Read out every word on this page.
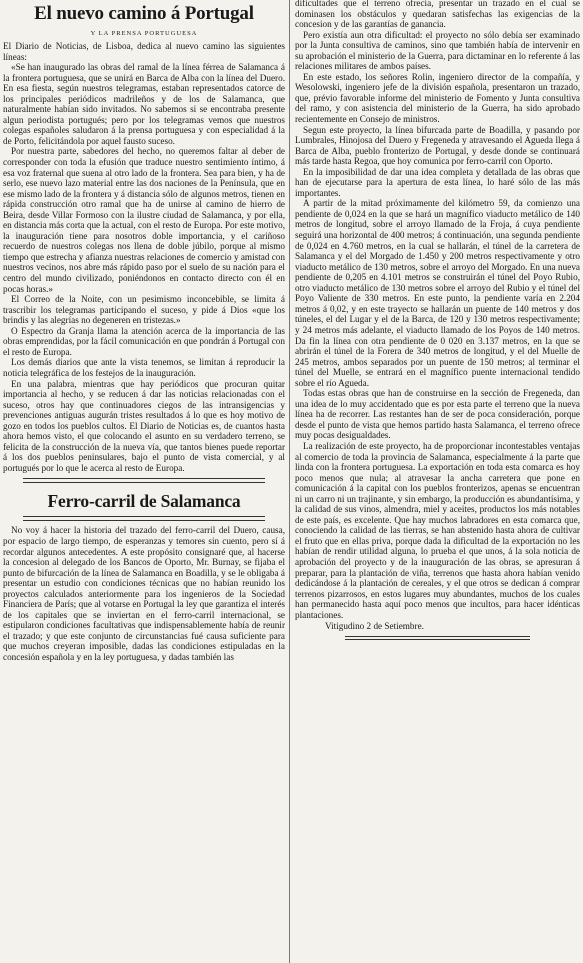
El nuevo camino á Portugal
Y LA PRENSA PORTUGUESA

El Diario de Noticias, de Lisboa, dedica al nuevo camino las siguientes líneas:

«Se han inaugurado las obras del ramal de la línea férrea de Salamanca á la frontera portuguesa, que se unirá en Barca de Alba con la línea del Duero. En esa fiesta, según nuestros telegramas, estaban representados catorce de los principales periódicos madrileños y de los de Salamanca, que naturalmente habían sido invitados. No sabemos si se encontraba presente algun periodista portugués; pero por los telegramas vemos que nuestros colegas españoles saludaron á la prensa portuguesa y con especialidad á la de Porto, felicitándola por aquel fausto suceso.

Por nuestra parte, sabedores del hecho, no queremos faltar al deber de corresponder con toda la efusión que traduce nuestro sentimiento íntimo, á esa voz fraternal que suena al otro lado de la frontera. Sea para bien, y ha de serlo, ese nuevo lazo material entre las dos naciones de la Península, que en ese mismo lado de la frontera y á distancia sólo de algunos metros, tienen en rápida construcción otro ramal que ha de unirse al camino de hierro de Beira, desde Villar Formoso con la ilustre ciudad de Salamanca, y por ella, en distancia más corta que la actual, con el resto de Europa. Por este motivo, la inauguración tiene para nosotros doble importancia, y el cariñoso recuerdo de nuestros colegas nos llena de doble júbilo, porque al mismo tiempo que estrecha y afianza nuestras relaciones de comercio y amistad con nuestros vecinos, nos abre más rápido paso por el suelo de su nación para el centro del mundo civilizado, poniéndonos en contacto directo con él en pocas horas.»

El Correo de la Noite, con un pesimismo inconcebible, se limita á trascribir los telegramas participando el suceso, y pide á Dios «que los brindis y las alegrías no degeneren en tristezas.»

O Espectro da Granja llama la atención acerca de la importancia de las obras emprendidas, por la fácil comunicación en que pondrán á Portugal con el resto de Europa.

Los demás diarios que ante la vista tenemos, se limitan á reproducir la noticia telegráfica de los festejos de la inauguración.

En una palabra, mientras que hay periódicos que procuran quitar importancia al hecho, y se reducen á dar las noticias relacionadas con el suceso, otros hay que continuadores ciegos de las intransigencias y prevenciones antiguas augurán tristes resultados á lo que es hoy motivo de gozo en todos los pueblos cultos. El Diario de Noticias es, de cuantos hasta ahora hemos visto, el que colocando el asunto en su verdadero terreno, se felicita de la construcción de la nueva vía, que tantos bienes puede reportar á los dos pueblos peninsulares, bajo el punto de vista comercial, y al portugués por lo que le acerca al resto de Europa.

Ferro-carril de Salamanca

No voy á hacer la historia del trazado del ferro-carril del Duero, causa, por espacio de largo tiempo, de esperanzas y temores sin cuento, pero sí á recordar algunos antecedentes. A este propósito consignaré que, al hacerse la concesion al delegado de los Bancos de Oporto, Mr. Burnay, se fijaba el punto de bifurcación de la línea de Salamanca en Boadilla, y se le obligaba á presentar un estudio con condiciones técnicas que no habían reunido los proyectos calculados anteriormente para los ingenieros de la Sociedad Financiera de París; que al votarse en Portugal la ley que garantiza el interés de los capitales que se inviertan en el ferro-carril internacional, se estipularon condiciones facultativas que indispensablemente había de reunir el trazado; y que este conjunto de circunstancias fué causa suficiente para que muchos creyeran imposible, dadas las condiciones estipuladas en la concesión española y en la ley portuguesa, y dadas también las

dificultades que el terreno ofrecía, presentar un trazado en el cual se dominasen los obstáculos y quedaran satisfechas las exigencias de la concesion y de las garantías de ganancia.

Pero existía aun otra dificultad: el proyecto no sólo debía ser examinado por la Junta consultiva de caminos, sino que también había de intervenir en su aprobación el ministerio de la Guerra, para dictaminar en lo referente á las relaciones militares de ambos países.

En este estado, los señores Rolin, ingeniero director de la compañía, y Wesolowski, ingeniero jefe de la división española, presentaron un trazado, que, prévio favorable informe del ministerio de Fomento y Junta consultiva del ramo, y con asistencia del ministerio de la Guerra, ha sido aprobado recientemente en Consejo de ministros.

Segun este proyecto, la línea bifurcada parte de Boadilla, y pasando por Lumbrales, Hinojosa del Duero y Fregeneda y atravesando el Agueda llega á Barca de Alba, pueblo fronterizo de Portugal, y desde donde se continuará más tarde hasta Regoa, que hoy comunica por ferro-carril con Oporto.

En la imposibilidad de dar una idea completa y detallada de las obras que han de ejecutarse para la apertura de esta línea, lo haré sólo de las más importantes.

A partir de la mitad próximamente del kilómetro 59, da comienzo una pendiente de 0,024 en la que se hará un magnífico viaducto metálico de 140 metros de longitud, sobre el arroyo llamado de la Froja, á cuya pendiente seguirá una horizontal de 400 metros; á continuación, una segunda pendiente de 0,024 en 4.760 metros, en la cual se hallarán, el túnel de la carretera de Salamanca y el del Morgado de 1.450 y 200 metros respectivamente y otro viaducto metálico de 130 metros, sobre el arroyo del Morgado. En una nueva pendiente de 0,205 en 4.101 metros se construirán el túnel del Poyo Rubio, otro viaducto metálico de 130 metros sobre el arroyo del Rubio y el túnel del Poyo Valiente de 330 metros. En este punto, la pendiente varía en 2.204 metros á 0,02, y en este trayecto se hallarán un puente de 140 metros y dos túneles, el del Lugar y el de la Barca, de 120 y 130 metros respectivamente; y 24 metros más adelante, el viaducto llamado de los Poyos de 140 metros. Da fin la línea con otra pendiente de 0 020 en 3.137 metros, en la que se abrirán el túnel de la Forera de 340 metros de longitud, y el del Muelle de 245 metros, ambos separados por un puente de 150 metros; al terminar el túnel del Muelle, se entrará en el magnífico puente internacional tendido sobre el río Agueda.

Todas estas obras que han de construirse en la sección de Fregeneda, dan una idea de lo muy accidentado que es por esta parte el terreno que la nueva línea ha de recorrer. Las restantes han de ser de poca consideración, porque desde el punto de vista que hemos partido hasta Salamanca, el terreno ofrece muy pocas desigualdades.

La realización de este proyecto, ha de proporcionar incontestables ventajas al comercio de toda la provincia de Salamanca, especialmente á la parte que linda con la frontera portuguesa. La exportación en toda esta comarca es hoy poco menos que nula; al atravesar la ancha carretera que pone en comunicación á la capital con los pueblos fronterizos, apenas se encuentran ni un carro ni un trajinante, y sin embargo, la producción es abundantísima, y la calidad de sus vinos, almendra, miel y aceites, productos los más notables de este país, es excelente. Que hay muchos labradores en esta comarca que, conociendo la calidad de las tierras, se han abstenido hasta ahora de cultivar el fruto que en ellas priva, porque dada la dificultad de la exportación no les habían de rendir utilidad alguna, lo prueba el que unos, á la sola noticia de aprobación del proyecto y de la inauguración de las obras, se apresuran á preparar, para la plantación de viña, terrenos que hasta ahora habían venido dedicándose á la plantación de cereales, y el que otros se dedican á comprar terrenos pizarrosos, en estos lugares muy abundantes, muchos de los cuales han permanecido hasta aquí poco menos que incultos, para hacer idénticas plantaciones.

Vitigudino 2 de Setiembre.
